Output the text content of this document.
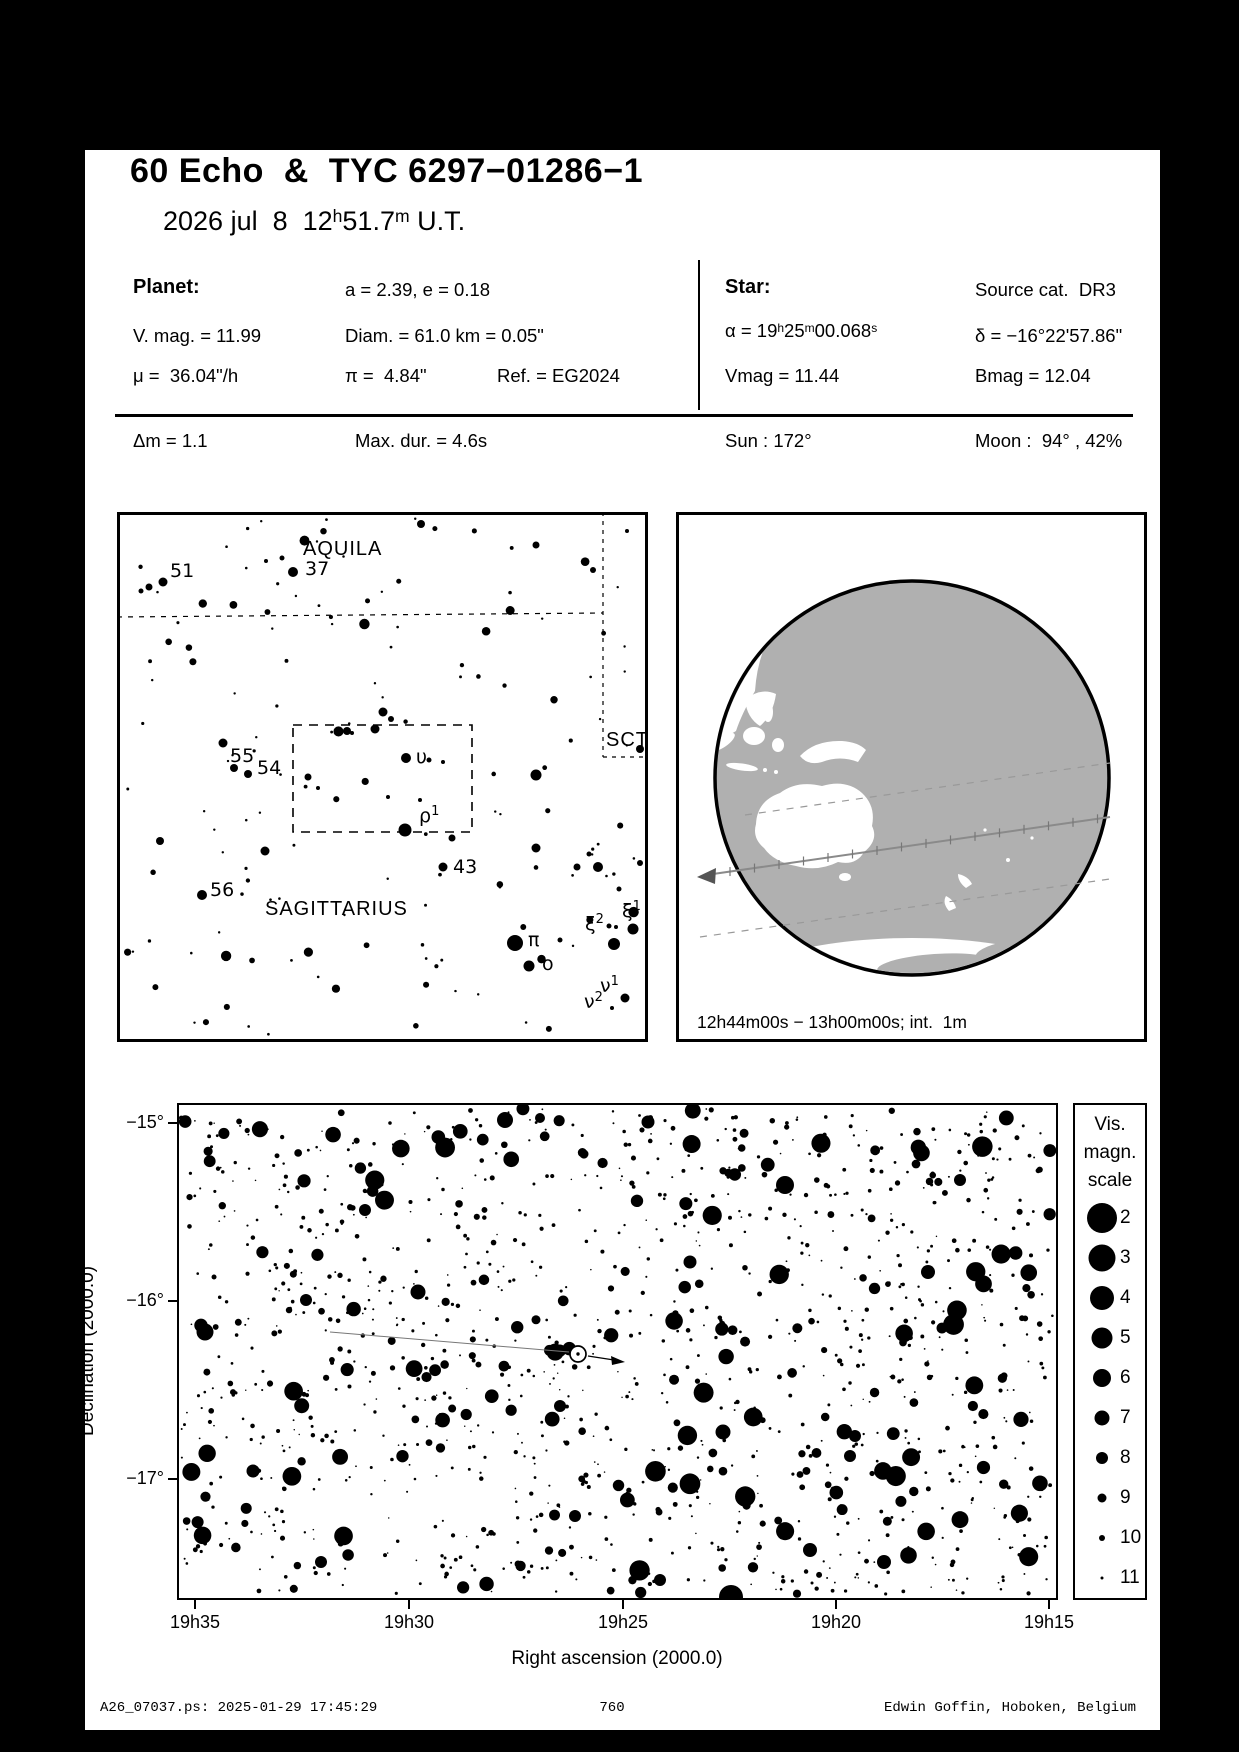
60 Echo  &  TYC 6297−01286−1
2026 jul  8  12$^h$51.7$^m$ U.T.
Planet:	a = 2.39, e = 0.18
V. mag. = 11.99	Diam. = 61.0 km = 0.05"
μ =  36.04"/h	π =  4.84"	Ref. = EG2024
Star:	Source cat.  DR3
$\alpha = 19^h25^m00.068^s$	δ = −16°22'57.86"
Vmag = 11.44	Bmag = 12.04
Δm = 1.1	Max. dur. = 4.6s	Sun : 172°	Moon :  94° , 42%
12h44m00s − 13h00m00s; int.  1m
Right ascension (2000.0)
Declination (2000.0)
A26_07037.ps: 2025-01-29 17:45:29	760	Edwin Goffin, Hoboken, Belgium
51	37
55
54	υ
$\rho^1$
43
56
π
o
$\xi^2$ $\xi^1$
$\nu^1$
$\nu^2$
AQUILA
SAGITTARIUS
SCT
19h35	19h30	19h25	19h20	19h15
−15°
−16°
−17°
Vis.
magn.
scale
2
3
4
5
6
7
8
9
10
11
